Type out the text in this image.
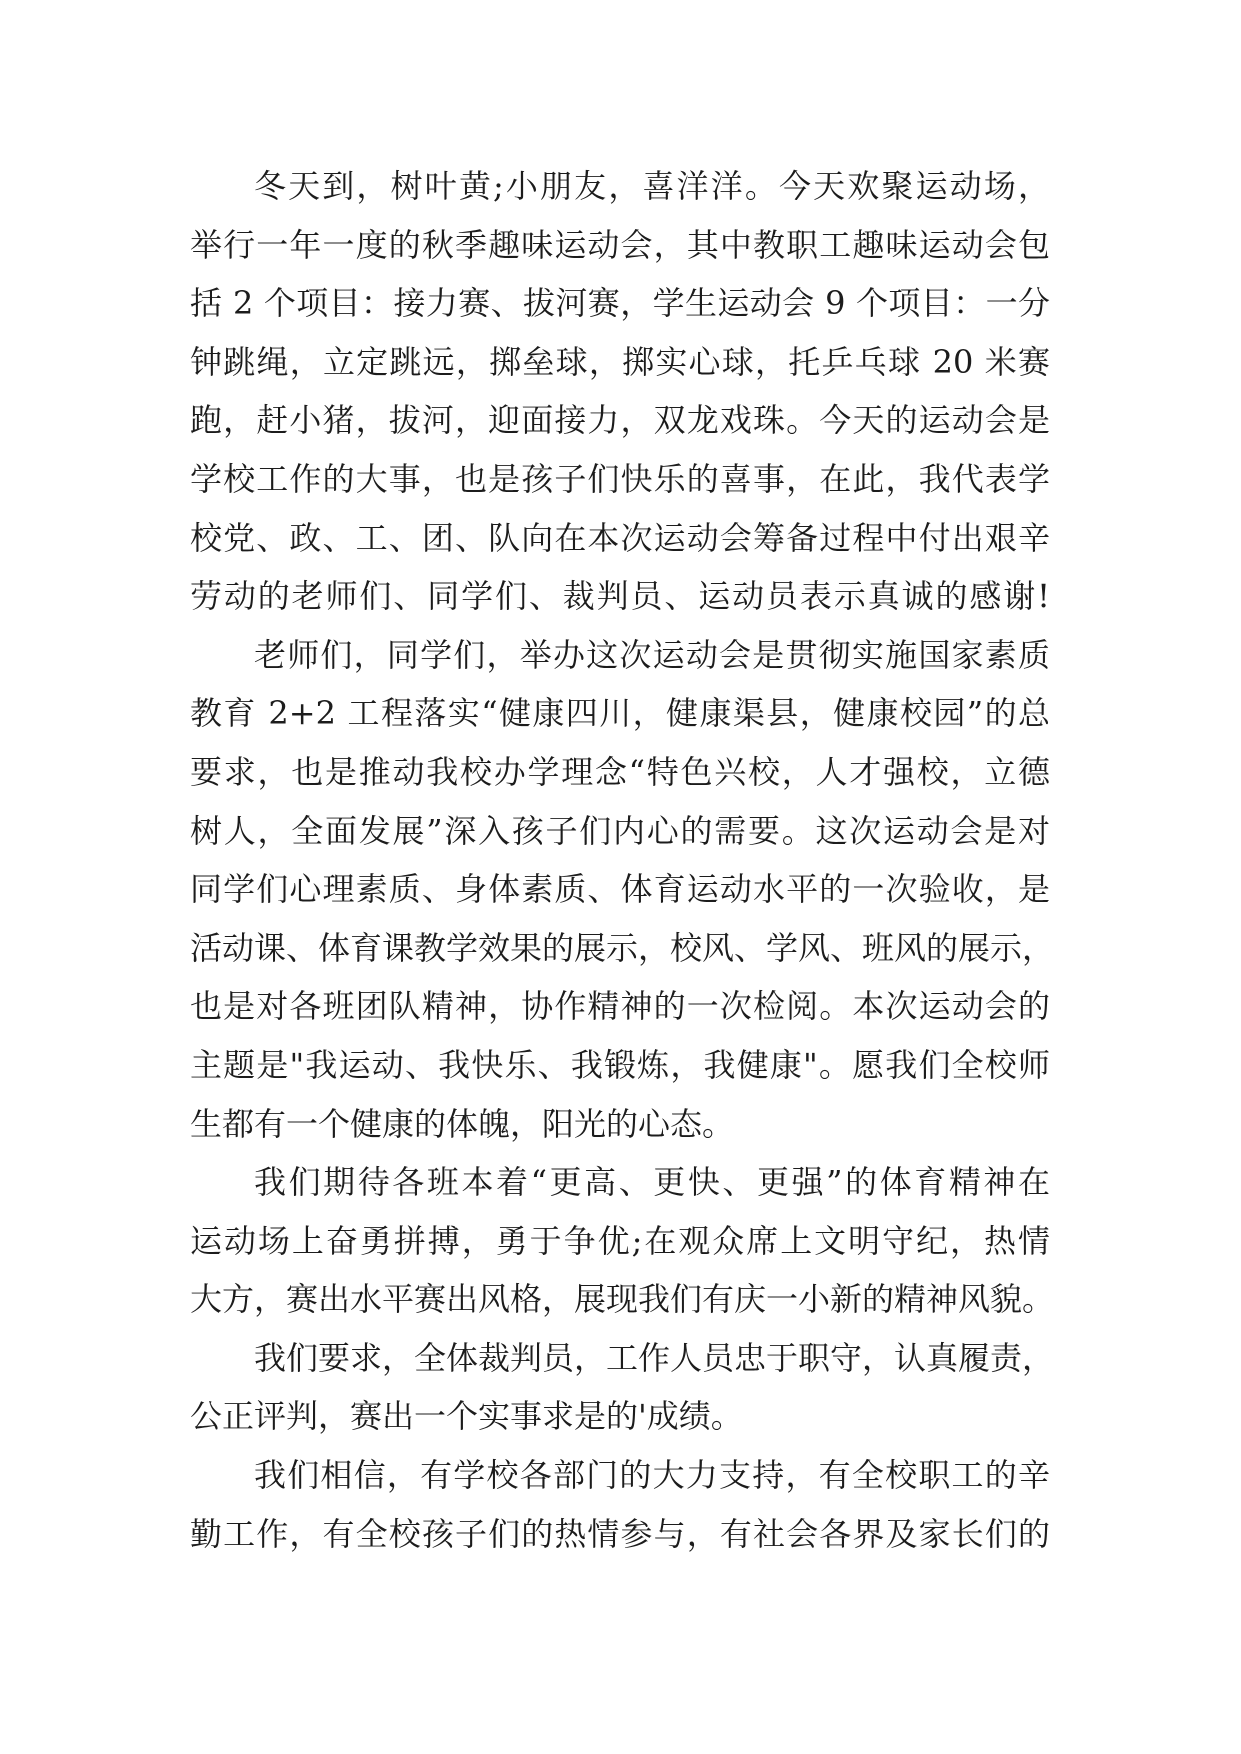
冬天到，树叶黄;小朋友，喜洋洋。今天欢聚运动场，
举行一年一度的秋季趣味运动会，其中教职工趣味运动会包
括 2 个项目：接力赛、拔河赛，学生运动会 9 个项目：一分
钟跳绳，立定跳远，掷垒球，掷实心球，托乒乓球 20 米赛
跑，赶小猪，拔河，迎面接力，双龙戏珠。今天的运动会是
学校工作的大事，也是孩子们快乐的喜事，在此，我代表学
校党、政、工、团、队向在本次运动会筹备过程中付出艰辛
劳动的老师们、同学们、裁判员、运动员表示真诚的感谢!
老师们，同学们，举办这次运动会是贯彻实施国家素质
教育 2+2 工程落实“健康四川，健康渠县，健康校园”的总
要求，也是推动我校办学理念“特色兴校，人才强校，立德
树人，全面发展”深入孩子们内心的需要。这次运动会是对
同学们心理素质、身体素质、体育运动水平的一次验收，是
活动课、体育课教学效果的展示，校风、学风、班风的展示，
也是对各班团队精神，协作精神的一次检阅。本次运动会的
主题是"我运动、我快乐、我锻炼，我健康"。愿我们全校师
生都有一个健康的体魄，阳光的心态。
我们期待各班本着“更高、更快、更强”的体育精神在
运动场上奋勇拼搏，勇于争优;在观众席上文明守纪，热情
大方，赛出水平赛出风格，展现我们有庆一小新的精神风貌。
我们要求，全体裁判员，工作人员忠于职守，认真履责，
公正评判，赛出一个实事求是的'成绩。
我们相信，有学校各部门的大力支持，有全校职工的辛
勤工作，有全校孩子们的热情参与，有社会各界及家长们的
